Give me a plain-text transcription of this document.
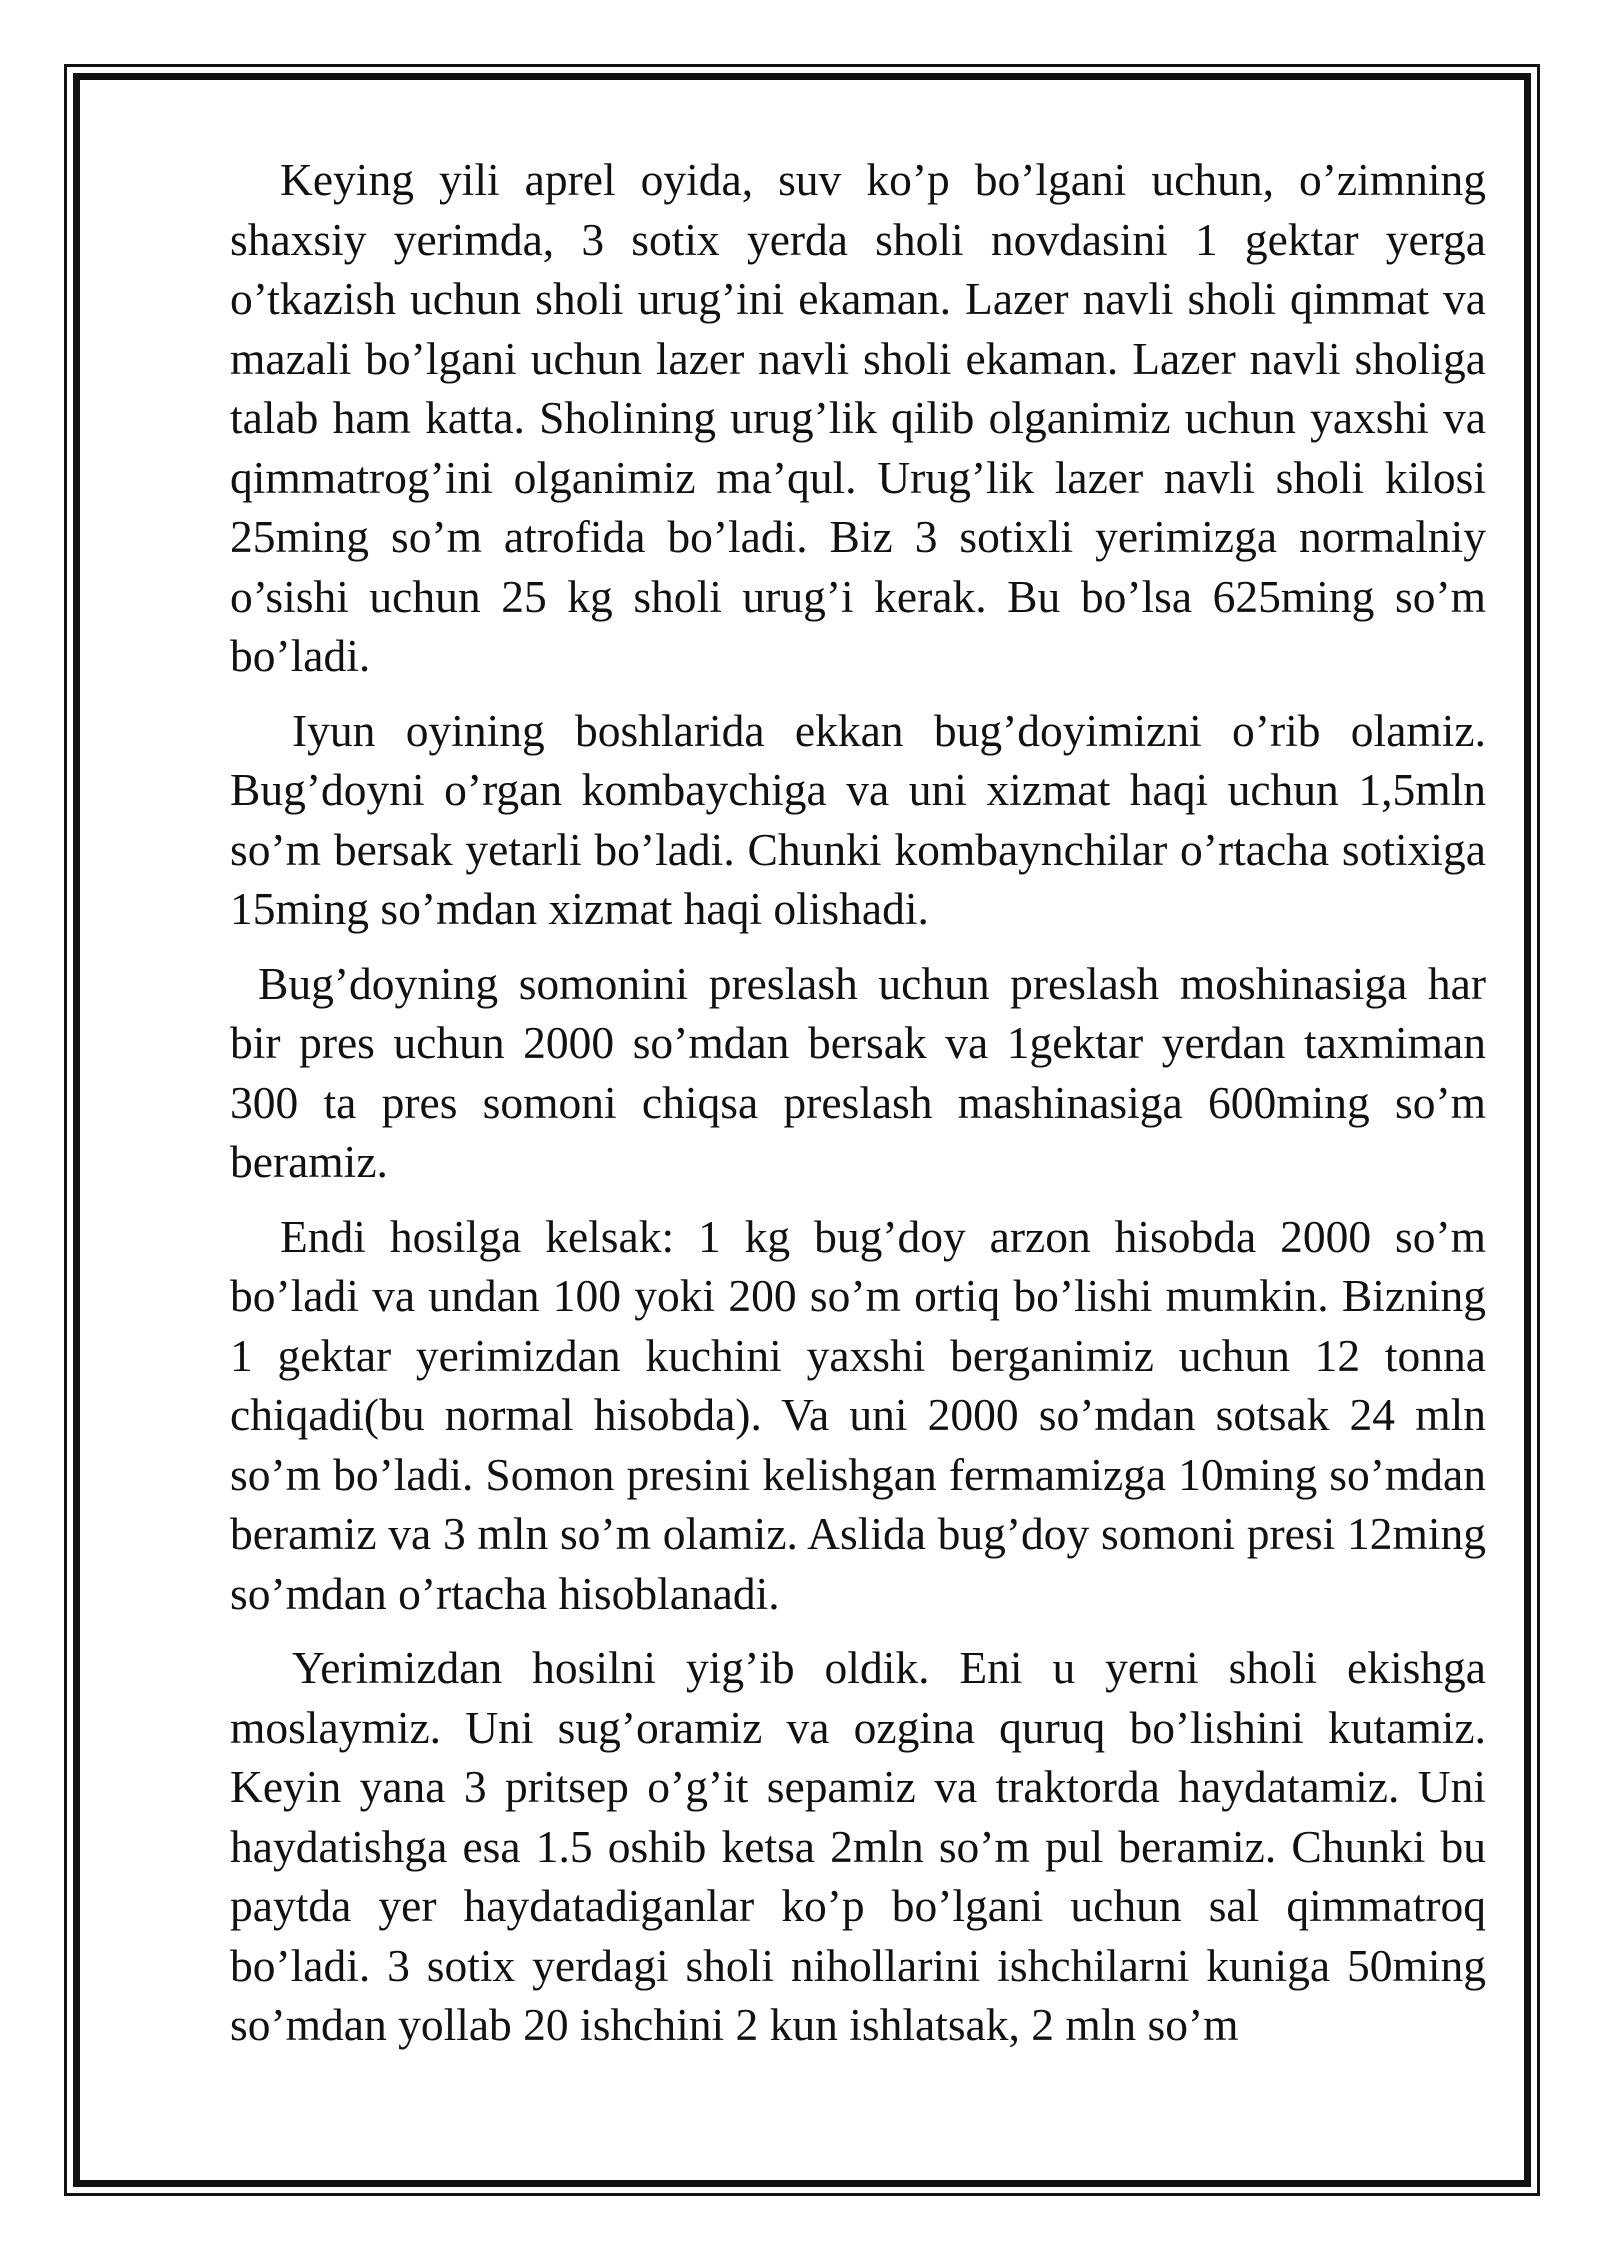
Keying yili aprel oyida, suv ko’p bo’lgani uchun, o’zimning shaxsiy yerimda, 3 sotix yerda sholi novdasini 1 gektar yerga o’tkazish uchun sholi urug’ini ekaman. Lazer navli sholi qimmat va mazali bo’lgani uchun lazer navli sholi ekaman. Lazer navli sholiga talab ham katta. Sholining urug’lik qilib olganimiz uchun yaxshi va qimmatrog’ini olganimiz ma’qul. Urug’lik lazer navli sholi kilosi 25ming so’m atrofida bo’ladi. Biz 3 sotixli yerimizga normalniy o’sishi uchun 25 kg sholi urug’i kerak. Bu bo’lsa 625ming so’m bo’ladi.

Iyun oyining boshlarida ekkan bug’doyimizni o’rib olamiz. Bug’doyni o’rgan kombaychiga va uni xizmat haqi uchun 1,5mln so’m bersak yetarli bo’ladi. Chunki kombaynchilar o’rtacha sotixiga 15ming so’mdan xizmat haqi olishadi.

Bug’doyning somonini preslash uchun preslash moshinasiga har bir pres uchun 2000 so’mdan bersak va 1gektar yerdan taxmiman 300 ta pres somoni chiqsa preslash mashinasiga 600ming so’m beramiz.

Endi hosilga kelsak: 1 kg bug’doy arzon hisobda 2000 so’m bo’ladi va undan 100 yoki 200 so’m ortiq bo’lishi mumkin. Bizning 1 gektar yerimizdan kuchini yaxshi berganimiz uchun 12 tonna chiqadi(bu normal hisobda). Va uni 2000 so’mdan sotsak 24 mln so’m bo’ladi. Somon presini kelishgan fermamizga 10ming so’mdan beramiz va 3 mln so’m olamiz. Aslida bug’doy somoni presi 12ming so’mdan o’rtacha hisoblanadi.

Yerimizdan hosilni yig’ib oldik. Eni u yerni sholi ekishga moslaymiz. Uni sug’oramiz va ozgina quruq bo’lishini kutamiz. Keyin yana 3 pritsep o’g’it sepamiz va traktorda haydatamiz. Uni haydatishga esa 1.5 oshib ketsa 2mln so’m pul beramiz. Chunki bu paytda yer haydatadiganlar ko’p bo’lgani uchun sal qimmatroq bo’ladi. 3 sotix yerdagi sholi nihollarini ishchilarni kuniga 50ming so’mdan yollab 20 ishchini 2 kun ishlatsak, 2 mln so’m
